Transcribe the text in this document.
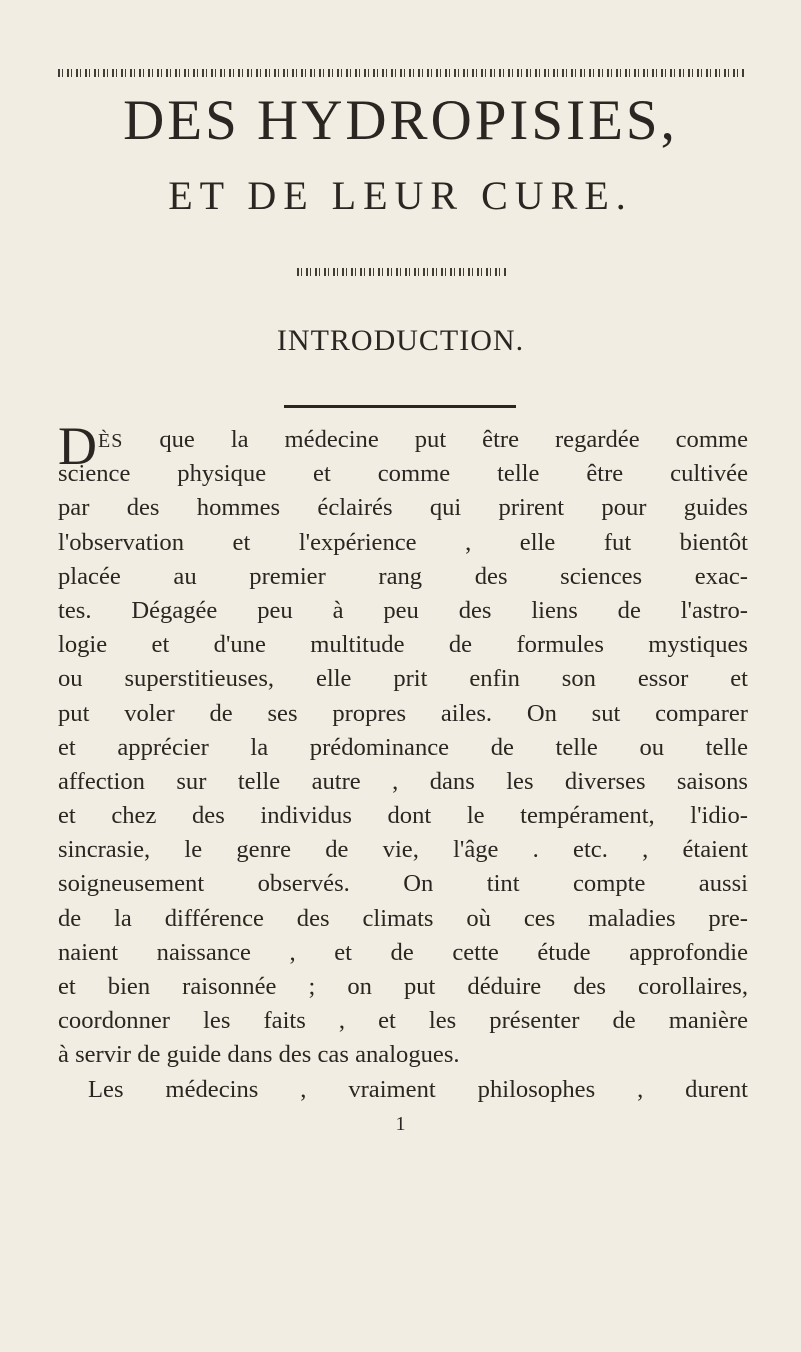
DES HYDROPISIES,
ET DE LEUR CURE.
INTRODUCTION.
DÈS que la médecine put être regardée comme
science physique et comme telle être cultivée
par des hommes éclairés qui prirent pour guides
l'observation et l'expérience , elle fut bientôt
placée au premier rang des sciences exac-
tes. Dégagée peu à peu des liens de l'astro-
logie et d'une multitude de formules mystiques
ou superstitieuses, elle prit enfin son essor et
put voler de ses propres ailes. On sut comparer
et apprécier la prédominance de telle ou telle
affection sur telle autre , dans les diverses saisons
et chez des individus dont le tempérament, l'idio-
sincrasie, le genre de vie, l'âge . etc. , étaient
soigneusement observés. On tint compte aussi
de la différence des climats où ces maladies pre-
naient naissance , et de cette étude approfondie
et bien raisonnée ; on put déduire des corollaires,
coordonner les faits , et les présenter de manière
à servir de guide dans des cas analogues.
Les médecins , vraiment philosophes , durent
1
